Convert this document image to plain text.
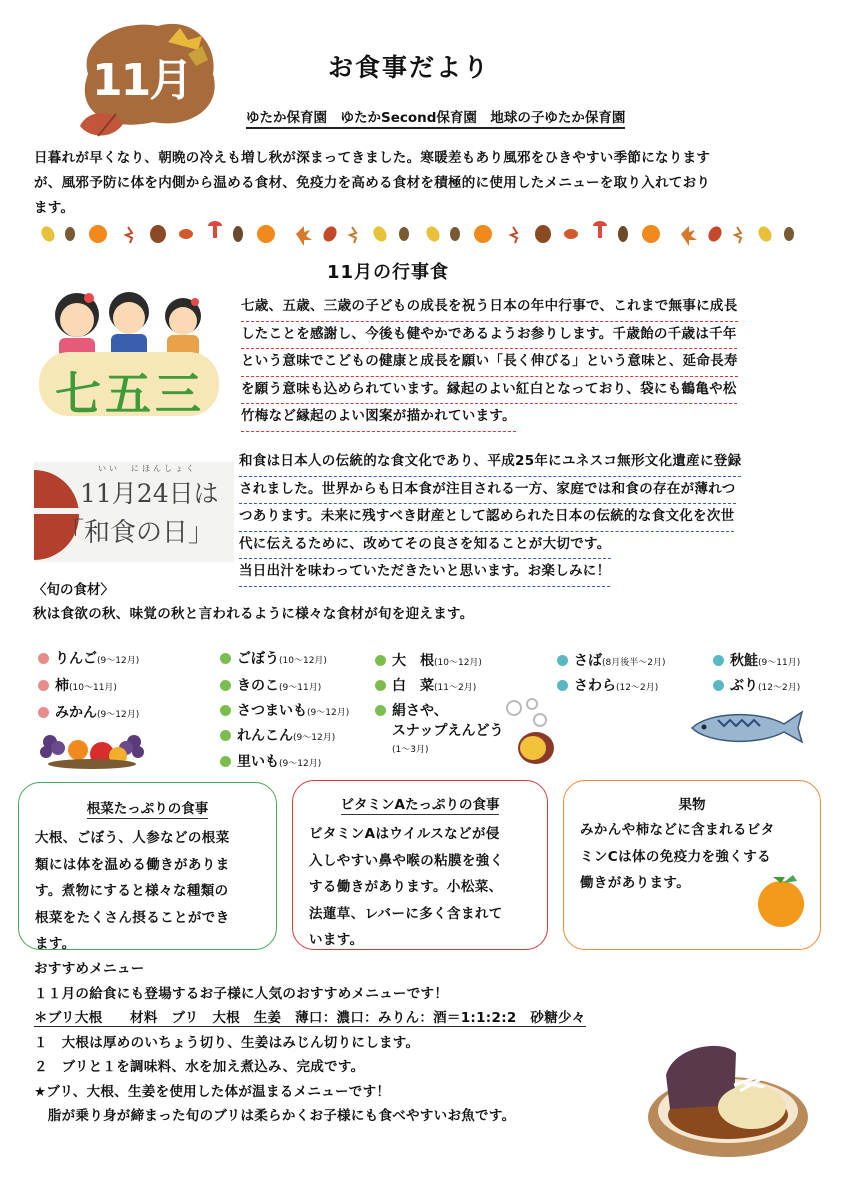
11月	お食事だより
ゆたか保育園　ゆたかSecond保育園　地球の子ゆたか保育園
日暮れが早くなり、朝晩の冷えも増し秋が深まってきました。寒暖差もあり風邪をひきやすい季節になります
が、風邪予防に体を内側から温める食材、免疫力を高める食材を積極的に使用したメニューを取り入れており
ます。
11月の行事食
七五三
七歳、五歳、三歳の子どもの成長を祝う日本の年中行事で、これまで無事に成長
したことを感謝し、今後も健やかであるようお参りします。千歳飴の千歳は千年
という意味でこどもの健康と成長を願い「長く伸びる」という意味と、延命長寿
を願う意味も込められています。縁起のよい紅白となっており、袋にも鶴亀や松
竹梅など縁起のよい図案が描かれています。
いい　にほんしょく
11月24日は
「和食の日」
和食は日本人の伝統的な食文化であり、平成25年にユネスコ無形文化遺産に登録
されました。世界からも日本食が注目される一方、家庭では和食の存在が薄れつ
つあります。未来に残すべき財産として認められた日本の伝統的な食文化を次世
代に伝えるために、改めてその良さを知ることが大切です。
当日出汁を味わっていただきたいと思います。お楽しみに！
〈旬の食材〉
秋は食欲の秋、味覚の秋と言われるように様々な食材が旬を迎えます。
りんご(9～12月)
柿(10～11月)
みかん(9～12月)
ごぼう(10～12月)
きのこ(9～11月)
さつまいも(9～12月)
れんこん(9～12月)
里いも(9～12月)
大　根(10～12月)
白　菜(11～2月)
絹さや、
スナップえんどう
(1～3月)
さば(8月後半～2月)
さわら(12～2月)
秋鮭(9～11月)
ぶり(12～2月)
根菜たっぷりの食事
大根、ごぼう、人参などの根菜
類には体を温める働きがありま
す。煮物にすると様々な種類の
根菜をたくさん摂ることができ
ます。
ビタミンAたっぷりの食事
ビタミンAはウイルスなどが侵
入しやすい鼻や喉の粘膜を強く
する働きがあります。小松菜、
法蓮草、レバーに多く含まれて
います。
果物
みかんや柿などに含まれるビタ
ミンCは体の免疫力を強くする
働きがあります。
おすすめメニュー
１１月の給食にも登場するお子様に人気のおすすめメニューです！
＊ブリ大根　　材料　ブリ　大根　生姜　薄口：濃口：みりん：酒＝1:1:2:2　砂糖少々
１　大根は厚めのいちょう切り、生姜はみじん切りにします。
２　ブリと１を調味料、水を加え煮込み、完成です。
★ブリ、大根、生姜を使用した体が温まるメニューです！
　脂が乗り身が締まった旬のブリは柔らかくお子様にも食べやすいお魚です。
